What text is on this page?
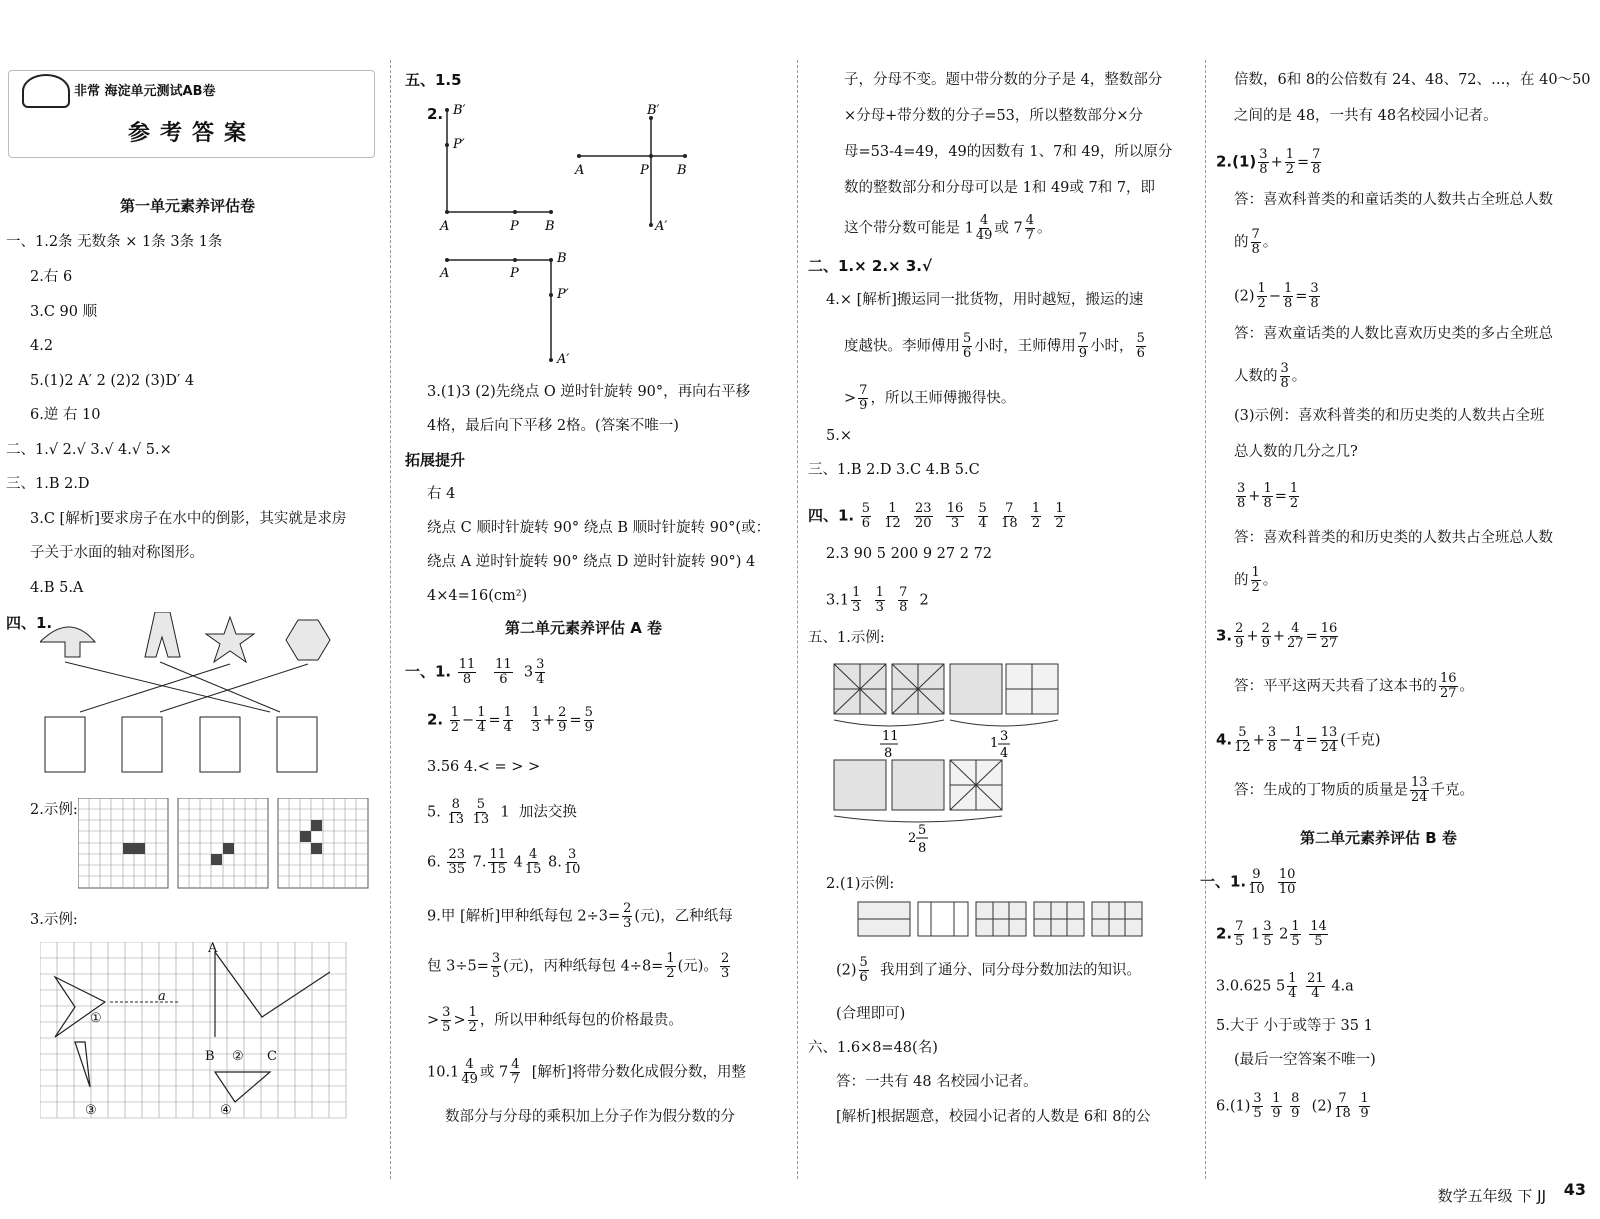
非常 海淀单元测试AB卷
参考答案
第一单元素养评估卷
一、1.2条 无数条 × 1条 3条 1条
2.右 6
3.C 90 顺
4.2
5.(1)2 A′ 2 (2)2 (3)D′ 4
6.逆 右 10
二、1.√ 2.√ 3.√ 4.√ 5.×
三、1.B 2.D
3.C [解析]要求房子在水中的倒影，其实就是求房
子关于水面的轴对称图形。
4.B 5.A
四、1.
2.示例:
3.示例:
A
a
B	C
①
②
③	④
五、1.5
2. B′
P′
A	P B
A	P B
B′
A′
A	P
B
P′
A′
3.(1)3 (2)先绕点 O 逆时针旋转 90°，再向右平移
4格，最后向下平移 2格。(答案不唯一)
拓展提升
右 4
绕点 C 顺时针旋转 90° 绕点 B 顺时针旋转 90°(或：
绕点 A 逆时针旋转 90° 绕点 D 逆时针旋转 90°) 4
4×4=16(cm²)
第二单元素养评估 A 卷
一、1. $\frac{11}{8}$
$\frac{11}{6} 3 \frac{3}{4}$
2. $\frac{1}{2} - \frac{1}{4} = \frac{1}{4}$
$\frac{1}{3} + \frac{2}{9} = \frac{5}{9}$
3.56 4.< = > >
5. $\frac{8}{13}$
$\frac{5}{13} 1$  加法交换
6. $\frac{23}{35} 7$. $\frac{11}{15} 4 \frac{4}{15} 8$. $\frac{3}{10}$
9.甲 [解析]甲种纸每包 $2\div 3= \frac{2}{3}$ (元)，乙种纸每
包 $3\div 5= \frac{3}{5}$ (元)，丙种纸每包 $4\div 8= \frac{1}{2}$ (元)。 $\frac{2}{3}$
> $\frac{3}{5} > \frac{1}{2}$ ，所以甲种纸每包的价格最贵。
$10.1 \frac{4}{49}$ 或 $7 \frac{4}{7}$ [解析]将带分数化成假分数，用整
数部分与分母的乘积加上分子作为假分数的分
子，分母不变。题中带分数的分子是 4，整数部分
×分母+带分数的分子=53，所以整数部分×分
母=53-4=49，49的因数有 1、7和 49，所以原分
数的整数部分和分母可以是 1和 49或 7和 7，即
这个带分数可能是 $1 \frac{4}{49}$ 或 $7 \frac{4}{7}$ 。
二、1.× 2.× 3.√
4.× [解析]搬运同一批货物，用时越短，搬运的速
度越快。李师傅用 $\frac{5}{6}$ 小时，王师傅用 $\frac{7}{9}$ 小时， $\frac{5}{6}$
> $\frac{7}{9}$ ，所以王师傅搬得快。
5.×
三、1.B 2.D 3.C 4.B 5.C
四、1. $\frac{5}{6}$
$\frac{1}{12}$
$\frac{23}{20}$
$\frac{16}{3}$
$\frac{5}{4}$
$\frac{7}{18}$
$\frac{1}{2}$
$\frac{1}{2}$
2.3 90 5 200 9 27 2 72
$3.1 \frac{1}{3}$
$\frac{1}{3}$
$\frac{7}{8} 2$
五、1.示例:
11
8
1 3
4
2
5
8
2.(1)示例:
$(2) \frac{5}{6}$ 我用到了通分、同分母分数加法的知识。
(合理即可)
六、1.6×8=48(名)
答：一共有 48 名校园小记者。
[解析]根据题意，校园小记者的人数是 6和 8的公
倍数，6和 8的公倍数有 24、48、72、…，在 40～50
之间的是 48，一共有 48名校园小记者。
$2.(1) \frac{3}{8} + \frac{1}{2} = \frac{7}{8}$
答：喜欢科普类的和童话类的人数共占全班总人数
的 $\frac{7}{8}$ 。
$(2) \frac{1}{2} - \frac{1}{8} = \frac{3}{8}$
答：喜欢童话类的人数比喜欢历史类的多占全班总
人数的 $\frac{3}{8}$ 。
(3)示例：喜欢科普类的和历史类的人数共占全班
总人数的几分之几?
$\frac{3}{8} + \frac{1}{8} = \frac{1}{2}$
答：喜欢科普类的和历史类的人数共占全班总人数
的 $\frac{1}{2}$ 。
3. $\frac{2}{9} + \frac{2}{9} + \frac{4}{27} = \frac{16}{27}$
答：平平这两天共看了这本书的 $\frac{16}{27}$ 。
4. $\frac{5}{12} + \frac{3}{8} - \frac{1}{4} = \frac{13}{24}$ (千克)
答：生成的丁物质的质量是 $\frac{13}{24}$ 千克。
第二单元素养评估 B 卷
一、1. $\frac{9}{10}$
$\frac{10}{10}$
2. $\frac{7}{5} 1 \frac{3}{5} 2 \frac{1}{5}$
$\frac{14}{5}$
3.0.625 $5 \frac{1}{4}$
$\frac{21}{4} 4.a$
5.大于 小于或等于 35 1
(最后一空答案不唯一)
$6.(1) \frac{3}{5}$
$\frac{1}{9}$
$\frac{8}{9} (2) \frac{7}{18}$
$\frac{1}{9}$
数学五年级 下 JJ 43
